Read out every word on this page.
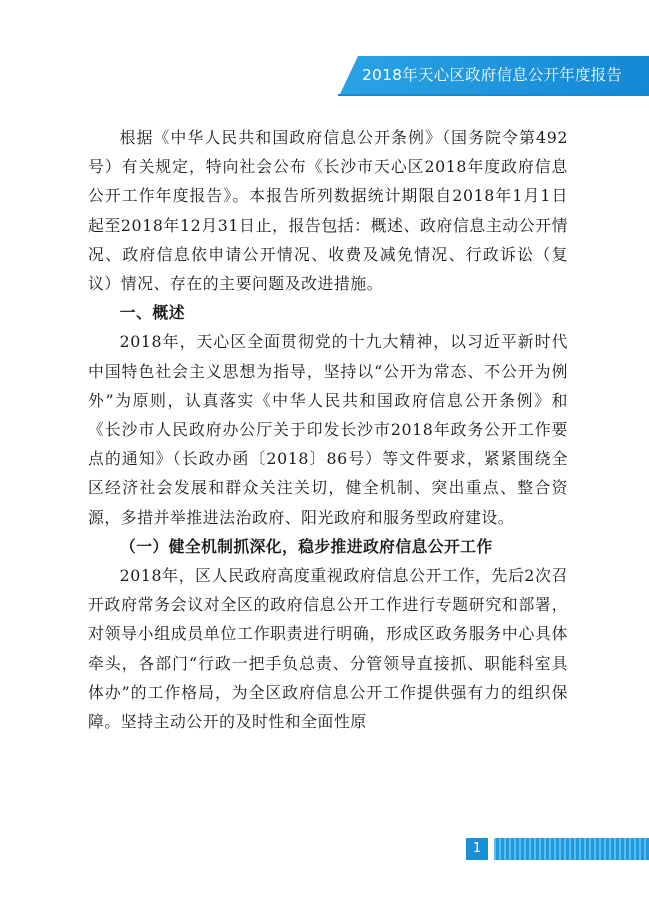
2018年天心区政府信息公开年度报告

根据《中华人民共和国政府信息公开条例》（国务院令第492号）有关规定，特向社会公布《长沙市天心区2018年度政府信息公开工作年度报告》。本报告所列数据统计期限自2018年1月1日起至2018年12月31日止，报告包括：概述、政府信息主动公开情况、政府信息依申请公开情况、收费及减免情况、行政诉讼（复议）情况、存在的主要问题及改进措施。

一、概述

2018年，天心区全面贯彻党的十九大精神，以习近平新时代中国特色社会主义思想为指导，坚持以“公开为常态、不公开为例外”为原则，认真落实《中华人民共和国政府信息公开条例》和《长沙市人民政府办公厅关于印发长沙市2018年政务公开工作要点的通知》（长政办函〔2018〕86号）等文件要求，紧紧围绕全区经济社会发展和群众关注关切，健全机制、突出重点、整合资源，多措并举推进法治政府、阳光政府和服务型政府建设。

（一）健全机制抓深化，稳步推进政府信息公开工作

2018年，区人民政府高度重视政府信息公开工作，先后2次召开政府常务会议对全区的政府信息公开工作进行专题研究和部署，对领导小组成员单位工作职责进行明确，形成区政务服务中心具体牵头，各部门“行政一把手负总责、分管领导直接抓、职能科室具体办”的工作格局，为全区政府信息公开工作提供强有力的组织保障。坚持主动公开的及时性和全面性原

1
